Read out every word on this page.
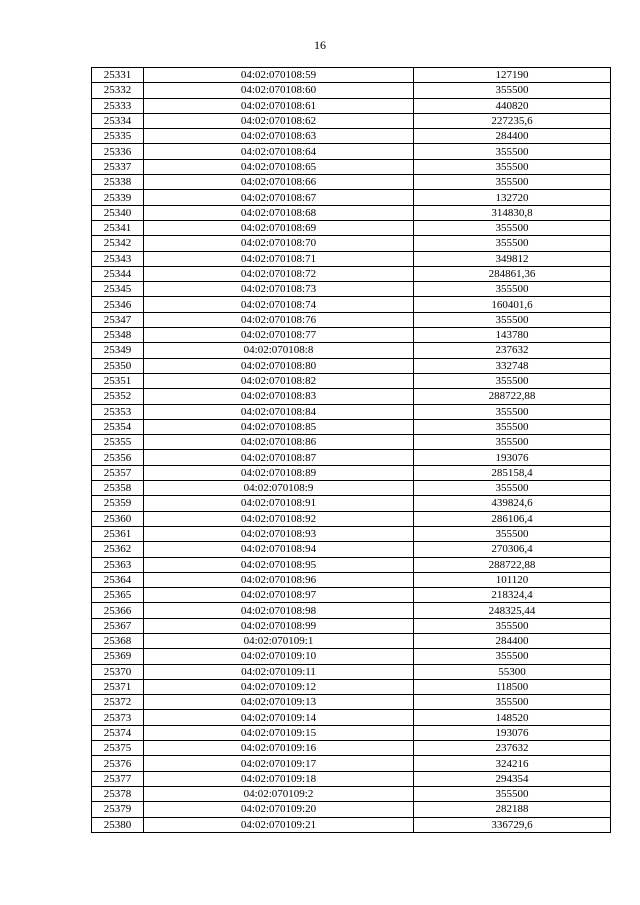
16
25331	04:02:070108:59	127190
25332	04:02:070108:60	355500
25333	04:02:070108:61	440820
25334	04:02:070108:62	227235,6
25335	04:02:070108:63	284400
25336	04:02:070108:64	355500
25337	04:02:070108:65	355500
25338	04:02:070108:66	355500
25339	04:02:070108:67	132720
25340	04:02:070108:68	314830,8
25341	04:02:070108:69	355500
25342	04:02:070108:70	355500
25343	04:02:070108:71	349812
25344	04:02:070108:72	284861,36
25345	04:02:070108:73	355500
25346	04:02:070108:74	160401,6
25347	04:02:070108:76	355500
25348	04:02:070108:77	143780
25349	04:02:070108:8	237632
25350	04:02:070108:80	332748
25351	04:02:070108:82	355500
25352	04:02:070108:83	288722,88
25353	04:02:070108:84	355500
25354	04:02:070108:85	355500
25355	04:02:070108:86	355500
25356	04:02:070108:87	193076
25357	04:02:070108:89	285158,4
25358	04:02:070108:9	355500
25359	04:02:070108:91	439824,6
25360	04:02:070108:92	286106,4
25361	04:02:070108:93	355500
25362	04:02:070108:94	270306,4
25363	04:02:070108:95	288722,88
25364	04:02:070108:96	101120
25365	04:02:070108:97	218324,4
25366	04:02:070108:98	248325,44
25367	04:02:070108:99	355500
25368	04:02:070109:1	284400
25369	04:02:070109:10	355500
25370	04:02:070109:11	55300
25371	04:02:070109:12	118500
25372	04:02:070109:13	355500
25373	04:02:070109:14	148520
25374	04:02:070109:15	193076
25375	04:02:070109:16	237632
25376	04:02:070109:17	324216
25377	04:02:070109:18	294354
25378	04:02:070109:2	355500
25379	04:02:070109:20	282188
25380	04:02:070109:21	336729,6
